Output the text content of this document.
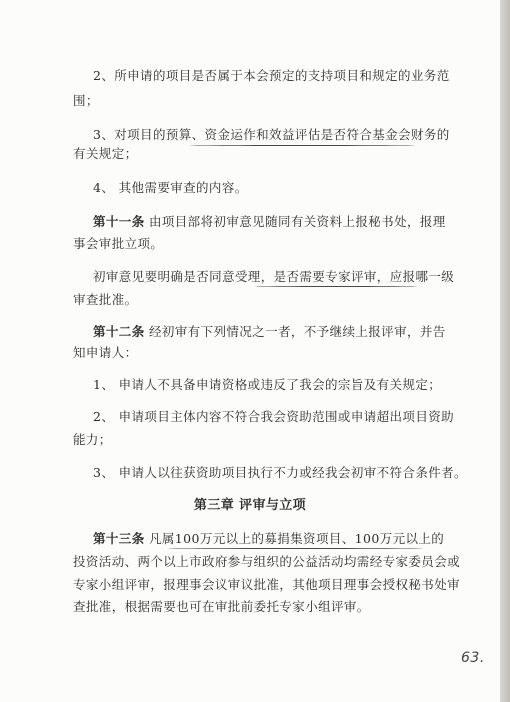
2、所申请的项目是否属于本会预定的支持项目和规定的业务范
围；
3、对项目的预算、资金运作和效益评估是否符合基金会财务的
有关规定；
4、 其他需要审查的内容。
第十一条 由项目部将初审意见随同有关资料上报秘书处，报理
事会审批立项。
初审意见要明确是否同意受理，是否需要专家评审，应报哪一级
审查批准。
第十二条 经初审有下列情况之一者，不予继续上报评审，并告
知申请人：
1、 申请人不具备申请资格或违反了我会的宗旨及有关规定；
2、 申请项目主体内容不符合我会资助范围或申请超出项目资助
能力；
3、 申请人以往获资助项目执行不力或经我会初审不符合条件者。
第三章 评审与立项
第十三条 凡属100万元以上的募捐集资项目、100万元以上的
投资活动、两个以上市政府参与组织的公益活动均需经专家委员会或
专家小组评审，报理事会议审议批准，其他项目理事会授权秘书处审
查批准，根据需要也可在审批前委托专家小组评审。
63.
